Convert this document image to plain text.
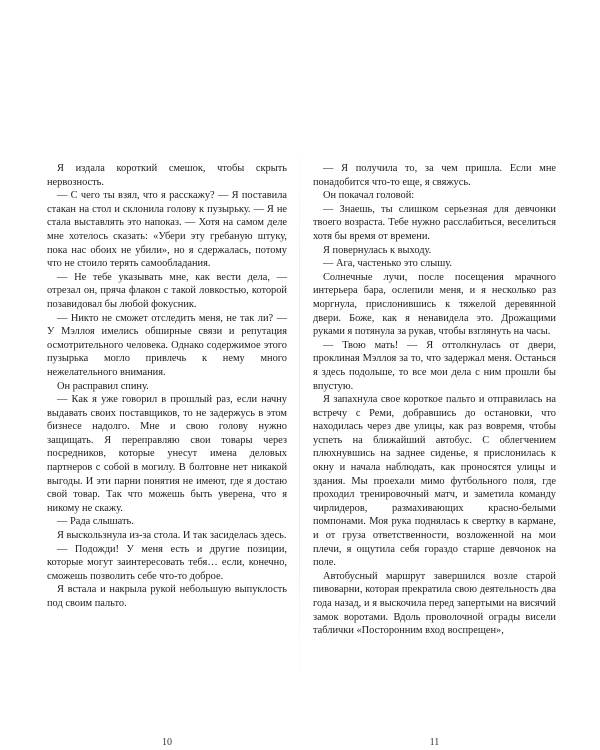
Я издала короткий смешок, чтобы скрыть нервозность.

— С чего ты взял, что я расскажу? — Я поставила стакан на стол и склонила голову к пузырьку. — Я не стала выставлять это напоказ. — Хотя на самом деле мне хотелось сказать: «Убери эту гребаную штуку, пока нас обоих не убили», но я сдержалась, потому что не стоило терять самообладания.

— Не тебе указывать мне, как вести дела, — отрезал он, пряча флакон с такой ловкостью, которой позавидовал бы любой фокусник.

— Никто не сможет отследить меня, не так ли? — У Мэллоя имелись обширные связи и репутация осмотрительного человека. Однако содержимое этого пузырька могло привлечь к нему много нежелательного внимания.

Он расправил спину.

— Как я уже говорил в прошлый раз, если начну выдавать своих поставщиков, то не задержусь в этом бизнесе надолго. Мне и свою голову нужно защищать. Я переправляю свои товары через посредников, которые унесут имена деловых партнеров с собой в могилу. В болтовне нет никакой выгоды. И эти парни понятия не имеют, где я достаю свой товар. Так что можешь быть уверена, что я никому не скажу.

— Рада слышать.

Я выскользнула из-за стола. И так засиделась здесь.

— Подожди! У меня есть и другие позиции, которые могут заинтересовать тебя… если, конечно, сможешь позволить себе что-то доброе.

Я встала и накрыла рукой небольшую выпуклость под своим пальто.

10

— Я получила то, за чем пришла. Если мне понадобится что-то еще, я свяжусь.

Он покачал головой:

— Знаешь, ты слишком серьезная для девчонки твоего возраста. Тебе нужно расслабиться, веселиться хотя бы время от времени.

Я повернулась к выходу.

— Ага, частенько это слышу.

Солнечные лучи, после посещения мрачного интерьера бара, ослепили меня, и я несколько раз моргнула, прислонившись к тяжелой деревянной двери. Боже, как я ненавидела это. Дрожащими руками я потянула за рукав, чтобы взглянуть на часы.

— Твою мать! — Я оттолкнулась от двери, проклиная Мэллоя за то, что задержал меня. Останься я здесь подольше, то все мои дела с ним прошли бы впустую.

Я запахнула свое короткое пальто и отправилась на встречу с Реми, добравшись до остановки, что находилась через две улицы, как раз вовремя, чтобы успеть на ближайший автобус. С облегчением плюхнувшись на заднее сиденье, я прислонилась к окну и начала наблюдать, как проносятся улицы и здания. Мы проехали мимо футбольного поля, где проходил тренировочный матч, и заметила команду чирлидеров, размахивающих красно-белыми помпонами. Моя рука поднялась к свертку в кармане, и от груза ответственности, возложенной на мои плечи, я ощутила себя гораздо старше девчонок на поле.

Автобусный маршрут завершился возле старой пивоварни, которая прекратила свою деятельность два года назад, и я выскочила перед запертыми на висячий замок воротами. Вдоль проволочной ограды висели таблички «Посторонним вход воспрещен»,

11
